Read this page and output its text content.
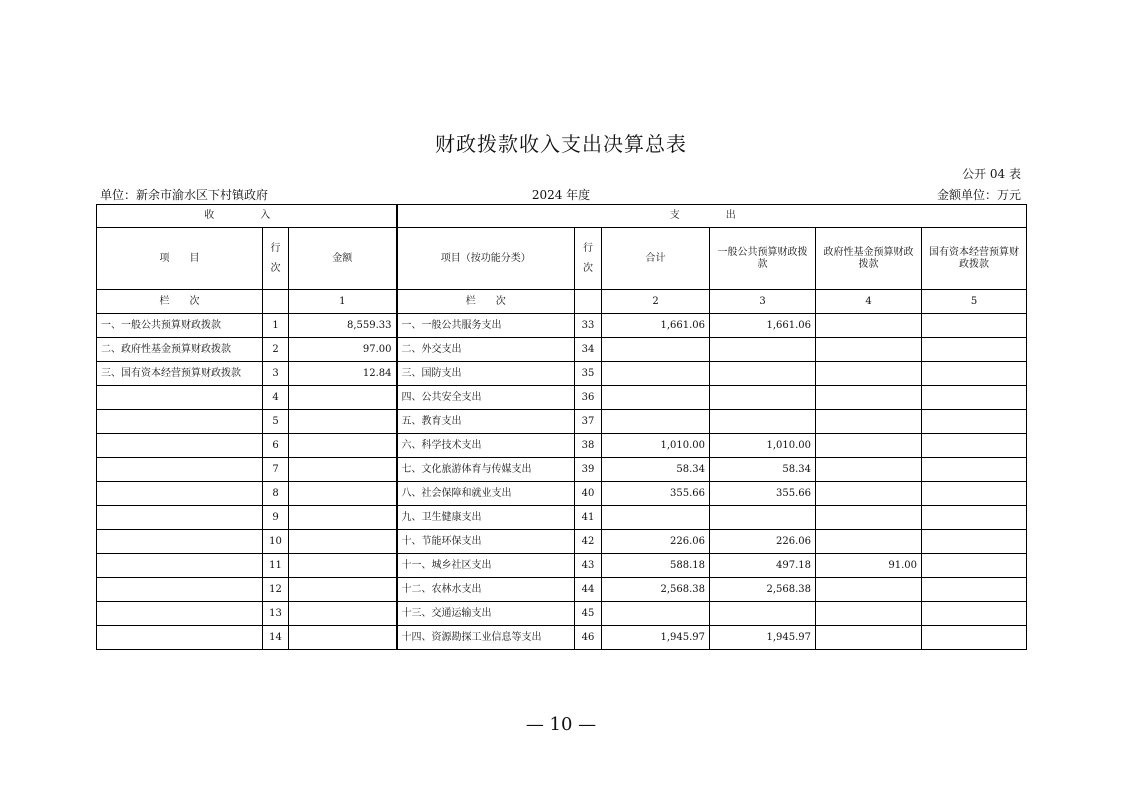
财政拨款收入支出决算总表
公开 04 表
单位：新余市渝水区下村镇政府	2024 年度	金额单位：万元
收　入			支　出					
项　　目	行次	金额	项目（按功能分类）	行次	合计	一般公共预算财政拨款	政府性基金预算财政拨款	国有资本经营预算财政拨款
栏　　次		1	栏　　次		2	3	4	5
一、一般公共预算财政拨款	1	8,559.33	一、一般公共服务支出	33	1,661.06	1,661.06		
二、政府性基金预算财政拨款	2	97.00	二、外交支出	34				
三、国有资本经营预算财政拨款	3	12.84	三、国防支出	35				
	4		四、公共安全支出	36				
	5		五、教育支出	37				
	6		六、科学技术支出	38	1,010.00	1,010.00		
	7		七、文化旅游体育与传媒支出	39	58.34	58.34		
	8		八、社会保障和就业支出	40	355.66	355.66		
	9		九、卫生健康支出	41				
	10		十、节能环保支出	42	226.06	226.06		
	11		十一、城乡社区支出	43	588.18	497.18	91.00	
	12		十二、农林水支出	44	2,568.38	2,568.38		
	13		十三、交通运输支出	45				
	14		十四、资源勘探工业信息等支出	46	1,945.97	1,945.97		
— 10 —
